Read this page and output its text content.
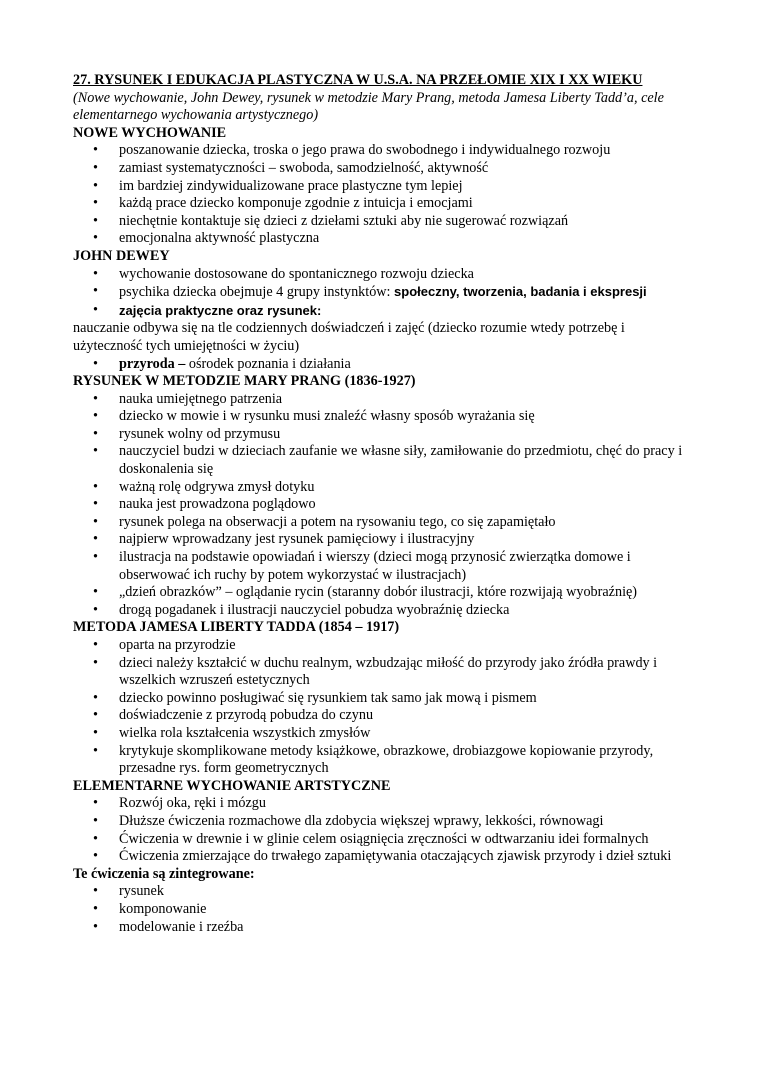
27. RYSUNEK I EDUKACJA PLASTYCZNA W U.S.A. NA PRZEŁOMIE XIX I XX WIEKU

(Nowe wychowanie, John Dewey, rysunek w metodzie Mary Prang, metoda Jamesa Liberty Tadd’a, cele elementarnego wychowania artystycznego)

NOWE WYCHOWANIE

• poszanowanie dziecka, troska o jego prawa do swobodnego i indywidualnego rozwoju
• zamiast systematyczności – swoboda, samodzielność, aktywność
• im bardziej zindywidualizowane prace plastyczne tym lepiej
• każdą prace dziecko komponuje zgodnie z intuicja i emocjami
• niechętnie kontaktuje się dzieci z dziełami sztuki aby nie sugerować rozwiązań
• emocjonalna aktywność plastyczna

JOHN DEWEY

• wychowanie dostosowane do spontanicznego rozwoju dziecka
• psychika dziecka obejmuje 4 grupy instynktów: społeczny, tworzenia, badania i ekspresji
• zajęcia praktyczne oraz rysunek:

nauczanie odbywa się na tle codziennych doświadczeń i zajęć (dziecko rozumie wtedy potrzebę i użyteczność tych umiejętności w życiu)

• przyroda – ośrodek poznania i działania

RYSUNEK W METODZIE MARY PRANG (1836-1927)

• nauka umiejętnego patrzenia
• dziecko w mowie i w rysunku musi znaleźć własny sposób wyrażania się
• rysunek wolny od przymusu
• nauczyciel budzi w dzieciach zaufanie we własne siły, zamiłowanie do przedmiotu, chęć do pracy i doskonalenia się
• ważną rolę odgrywa zmysł dotyku
• nauka jest prowadzona poglądowo
• rysunek polega na obserwacji a potem na rysowaniu tego, co się zapamiętało
• najpierw wprowadzany jest rysunek pamięciowy i ilustracyjny
• ilustracja na podstawie opowiadań i wierszy (dzieci mogą przynosić zwierzątka domowe i obserwować ich ruchy by potem wykorzystać w ilustracjach)
• „dzień obrazków” – oglądanie rycin (staranny dobór ilustracji, które rozwijają wyobraźnię)
• drogą pogadanek i ilustracji nauczyciel pobudza wyobraźnię dziecka

METODA JAMESA LIBERTY TADDA (1854 – 1917)

• oparta na przyrodzie
• dzieci należy kształcić w duchu realnym, wzbudzając miłość do przyrody jako źródła prawdy i wszelkich wzruszeń estetycznych
• dziecko powinno posługiwać się rysunkiem tak samo jak mową i pismem
• doświadczenie z przyrodą pobudza do czynu
• wielka rola kształcenia wszystkich zmysłów
• krytykuje skomplikowane metody książkowe, obrazkowe, drobiazgowe kopiowanie przyrody, przesadne rys. form geometrycznych

ELEMENTARNE WYCHOWANIE ARTSTYCZNE

• Rozwój oka, ręki i mózgu
• Dłuższe ćwiczenia rozmachowe dla zdobycia większej wprawy, lekkości, równowagi
• Ćwiczenia w drewnie i w glinie celem osiągnięcia zręczności w odtwarzaniu idei formalnych
• Ćwiczenia zmierzające do trwałego zapamiętywania otaczających zjawisk przyrody i dzieł sztuki

Te ćwiczenia są zintegrowane:

• rysunek
• komponowanie
• modelowanie i rzeźba
